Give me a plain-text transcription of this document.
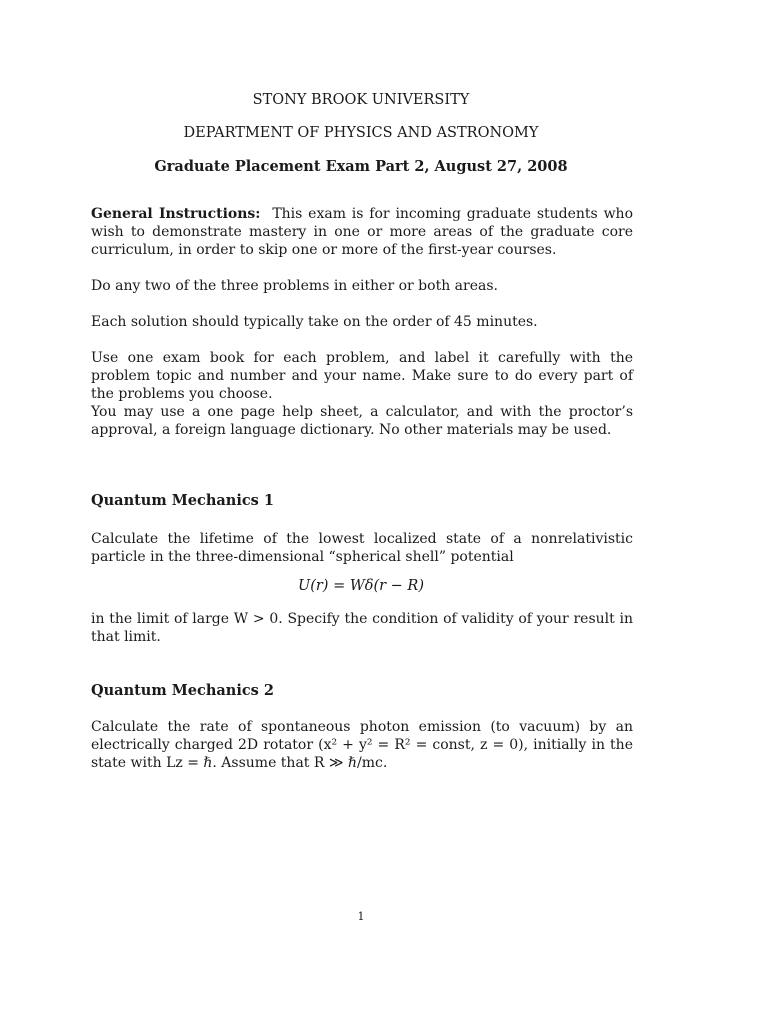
STONY BROOK UNIVERSITY
DEPARTMENT OF PHYSICS AND ASTRONOMY
Graduate Placement Exam Part 2, August 27, 2008
General Instructions: This exam is for incoming graduate students who wish to demonstrate mastery in one or more areas of the graduate core curriculum, in order to skip one or more of the first-year courses.
Do any two of the three problems in either or both areas.
Each solution should typically take on the order of 45 minutes.
Use one exam book for each problem, and label it carefully with the problem topic and number and your name. Make sure to do every part of the problems you choose.
You may use a one page help sheet, a calculator, and with the proctor’s approval, a foreign language dictionary. No other materials may be used.
Quantum Mechanics 1
Calculate the lifetime of the lowest localized state of a nonrelativistic particle in the three-dimensional “spherical shell” potential
U(r) = Wδ(r − R)
in the limit of large W > 0. Specify the condition of validity of your result in that limit.
Quantum Mechanics 2
Calculate the rate of spontaneous photon emission (to vacuum) by an electrically charged 2D rotator (x² + y² = R² = const, z = 0), initially in the state with Lz = ℏ. Assume that R ≫ ℏ/mc.
1
